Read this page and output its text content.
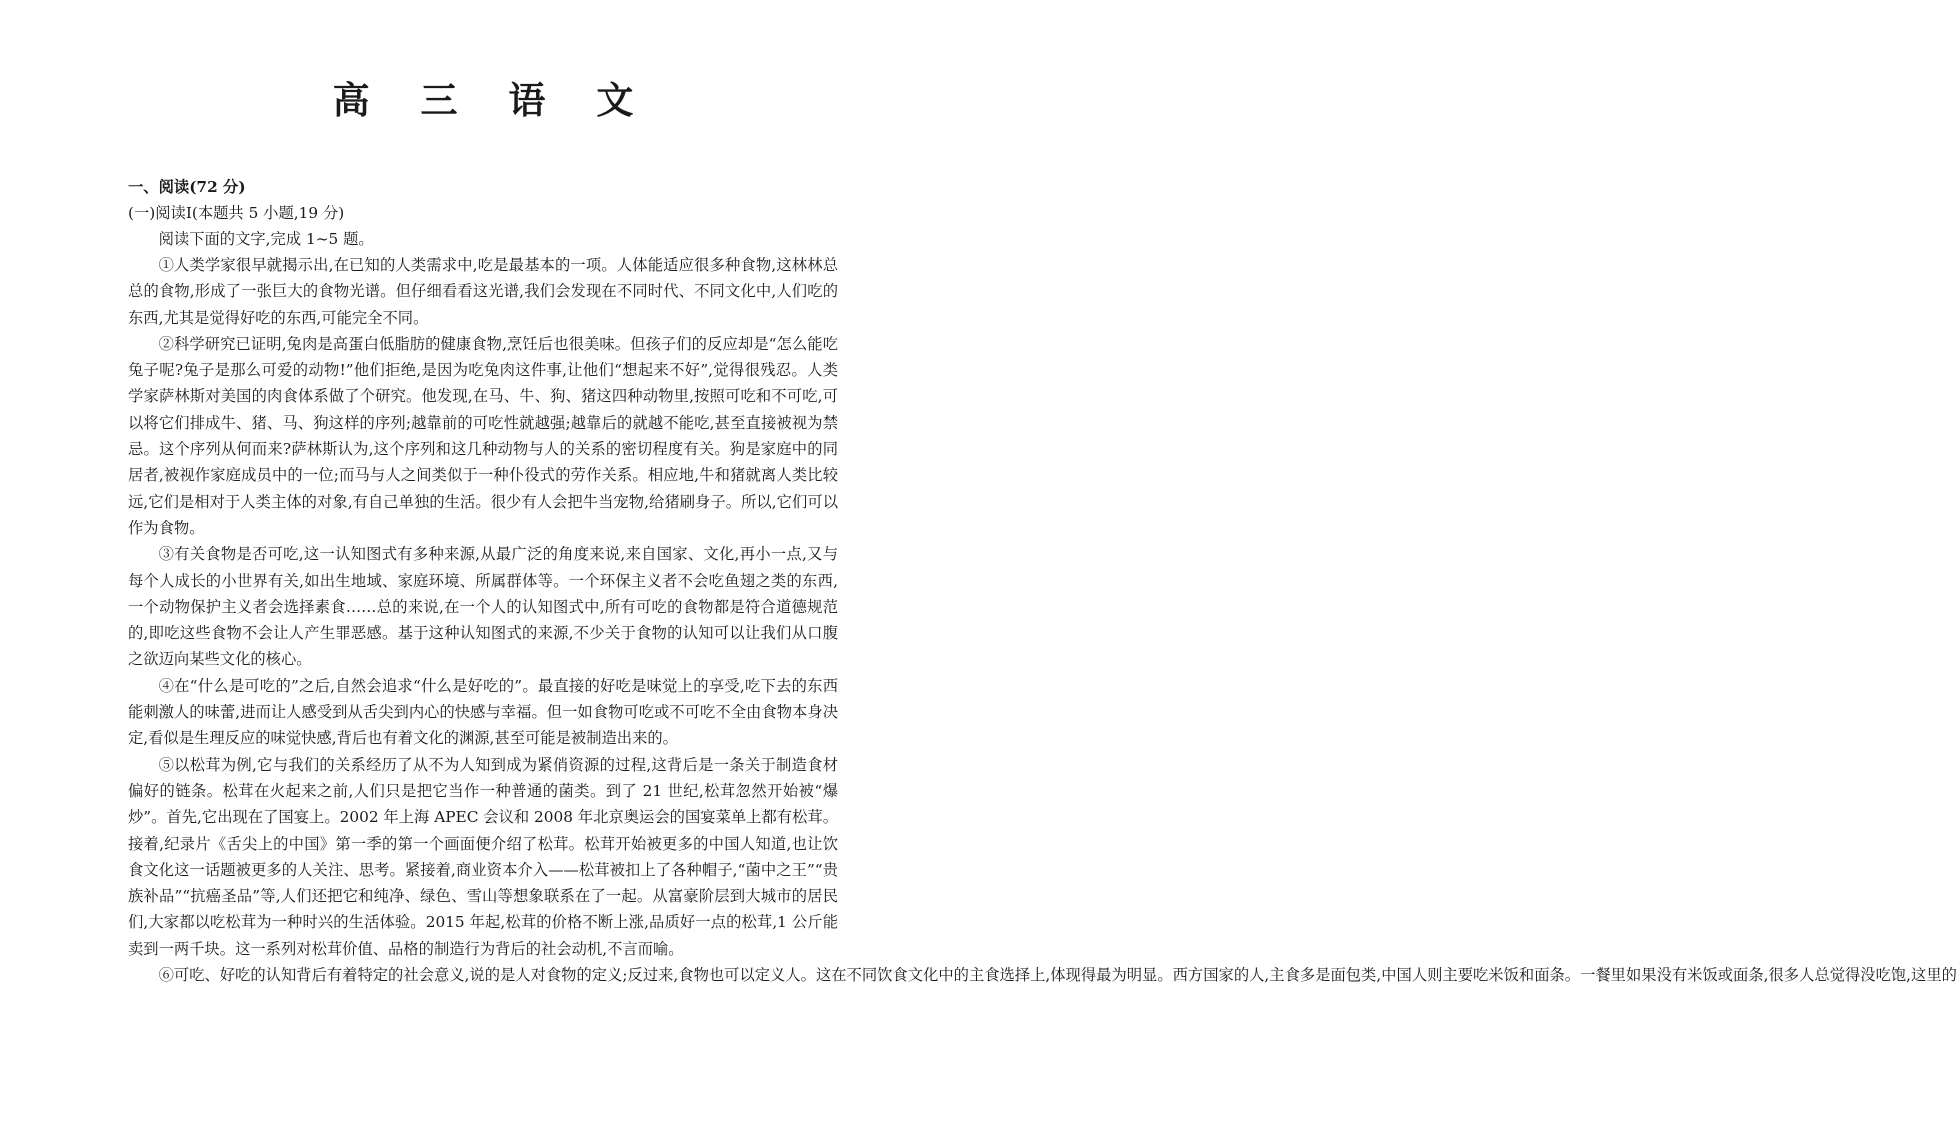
高 三 语 文

一、阅读(72 分)

(一)阅读Ⅰ(本题共 5 小题,19 分)

阅读下面的文字,完成 1~5 题。

①人类学家很早就揭示出,在已知的人类需求中,吃是最基本的一项。人体能适应很多种食物,这林林总总的食物,形成了一张巨大的食物光谱。但仔细看看这光谱,我们会发现在不同时代、不同文化中,人们吃的东西,尤其是觉得好吃的东西,可能完全不同。

②科学研究已证明,兔肉是高蛋白低脂肪的健康食物,烹饪后也很美味。但孩子们的反应却是“怎么能吃兔子呢?兔子是那么可爱的动物!”他们拒绝,是因为吃兔肉这件事,让他们“想起来不好”,觉得很残忍。人类学家萨林斯对美国的肉食体系做了个研究。他发现,在马、牛、狗、猪这四种动物里,按照可吃和不可吃,可以将它们排成牛、猪、马、狗这样的序列;越靠前的可吃性就越强;越靠后的就越不能吃,甚至直接被视为禁忌。这个序列从何而来?萨林斯认为,这个序列和这几种动物与人的关系的密切程度有关。狗是家庭中的同居者,被视作家庭成员中的一位;而马与人之间类似于一种仆役式的劳作关系。相应地,牛和猪就离人类比较远,它们是相对于人类主体的对象,有自己单独的生活。很少有人会把牛当宠物,给猪刷身子。所以,它们可以作为食物。

③有关食物是否可吃,这一认知图式有多种来源,从最广泛的角度来说,来自国家、文化,再小一点,又与每个人成长的小世界有关,如出生地域、家庭环境、所属群体等。一个环保主义者不会吃鱼翅之类的东西,一个动物保护主义者会选择素食……总的来说,在一个人的认知图式中,所有可吃的食物都是符合道德规范的,即吃这些食物不会让人产生罪恶感。基于这种认知图式的来源,不少关于食物的认知可以让我们从口腹之欲迈向某些文化的核心。

④在“什么是可吃的”之后,自然会追求“什么是好吃的”。最直接的好吃是味觉上的享受,吃下去的东西能刺激人的味蕾,进而让人感受到从舌尖到内心的快感与幸福。但一如食物可吃或不可吃不全由食物本身决定,看似是生理反应的味觉快感,背后也有着文化的渊源,甚至可能是被制造出来的。

⑤以松茸为例,它与我们的关系经历了从不为人知到成为紧俏资源的过程,这背后是一条关于制造食材偏好的链条。松茸在火起来之前,人们只是把它当作一种普通的菌类。到了 21 世纪,松茸忽然开始被“爆炒”。首先,它出现在了国宴上。2002 年上海 APEC 会议和 2008 年北京奥运会的国宴菜单上都有松茸。接着,纪录片《舌尖上的中国》第一季的第一个画面便介绍了松茸。松茸开始被更多的中国人知道,也让饮食文化这一话题被更多的人关注、思考。紧接着,商业资本介入——松茸被扣上了各种帽子,“菌中之王”“贵族补品”“抗癌圣品”等,人们还把它和纯净、绿色、雪山等想象联系在了一起。从富豪阶层到大城市的居民们,大家都以吃松茸为一种时兴的生活体验。2015 年起,松茸的价格不断上涨,品质好一点的松茸,1 公斤能卖到一两千块。这一系列对松茸价值、品格的制造行为背后的社会动机,不言而喻。

⑥可吃、好吃的认知背后有着特定的社会意义,说的是人对食物的定义;反过来,食物也可以定义人。这在不同饮食文化中的主食选择上,体现得最为明显。西方国家的人,主食多是面包类,中国人则主要吃米饭和面条。一餐里如果没有米饭或面条,很多人总觉得没吃饱,这里的
